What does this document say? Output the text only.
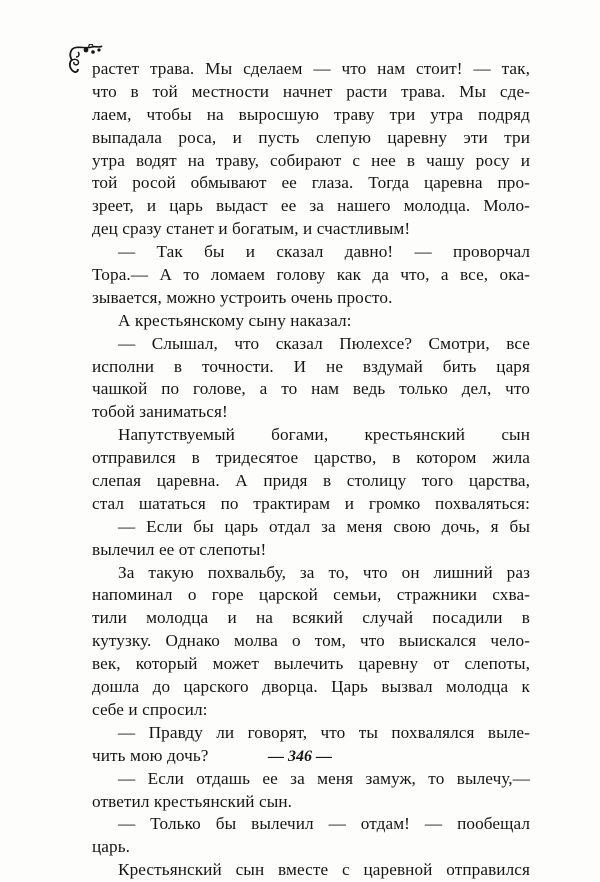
растет трава. Мы сделаем — что нам стоит! — так,
что в той местности начнет расти трава. Мы сде-
лаем, чтобы на выросшую траву три утра подряд
выпадала роса, и пусть слепую царевну эти три
утра водят на траву, собирают с нее в чашу росу и
той росой обмывают ее глаза. Тогда царевна про-
зреет, и царь выдаст ее за нашего молодца. Моло-
дец сразу станет и богатым, и счастливым!
— Так бы и сказал давно! — проворчал
Тора.— А то ломаем голову как да что, а все, ока-
зывается, можно устроить очень просто.
А крестьянскому сыну наказал:
— Слышал, что сказал Пюлехсе? Смотри, все
исполни в точности. И не вздумай бить царя
чашкой по голове, а то нам ведь только дел, что
тобой заниматься!
Напутствуемый богами, крестьянский сын
отправился в тридесятое царство, в котором жила
слепая царевна. А придя в столицу того царства,
стал шататься по трактирам и громко похваляться:
— Если бы царь отдал за меня свою дочь, я бы
вылечил ее от слепоты!
За такую похвальбу, за то, что он лишний раз
напоминал о горе царской семьи, стражники схва-
тили молодца и на всякий случай посадили в
кутузку. Однако молва о том, что выискался чело-
век, который может вылечить царевну от слепоты,
дошла до царского дворца. Царь вызвал молодца к
себе и спросил:
— Правду ли говорят, что ты похвалялся выле-
чить мою дочь?
— Если отдашь ее за меня замуж, то вылечу,—
ответил крестьянский сын.
— Только бы вылечил — отдам! — пообещал
царь.
Крестьянский сын вместе с царевной отправился
— 346 —
